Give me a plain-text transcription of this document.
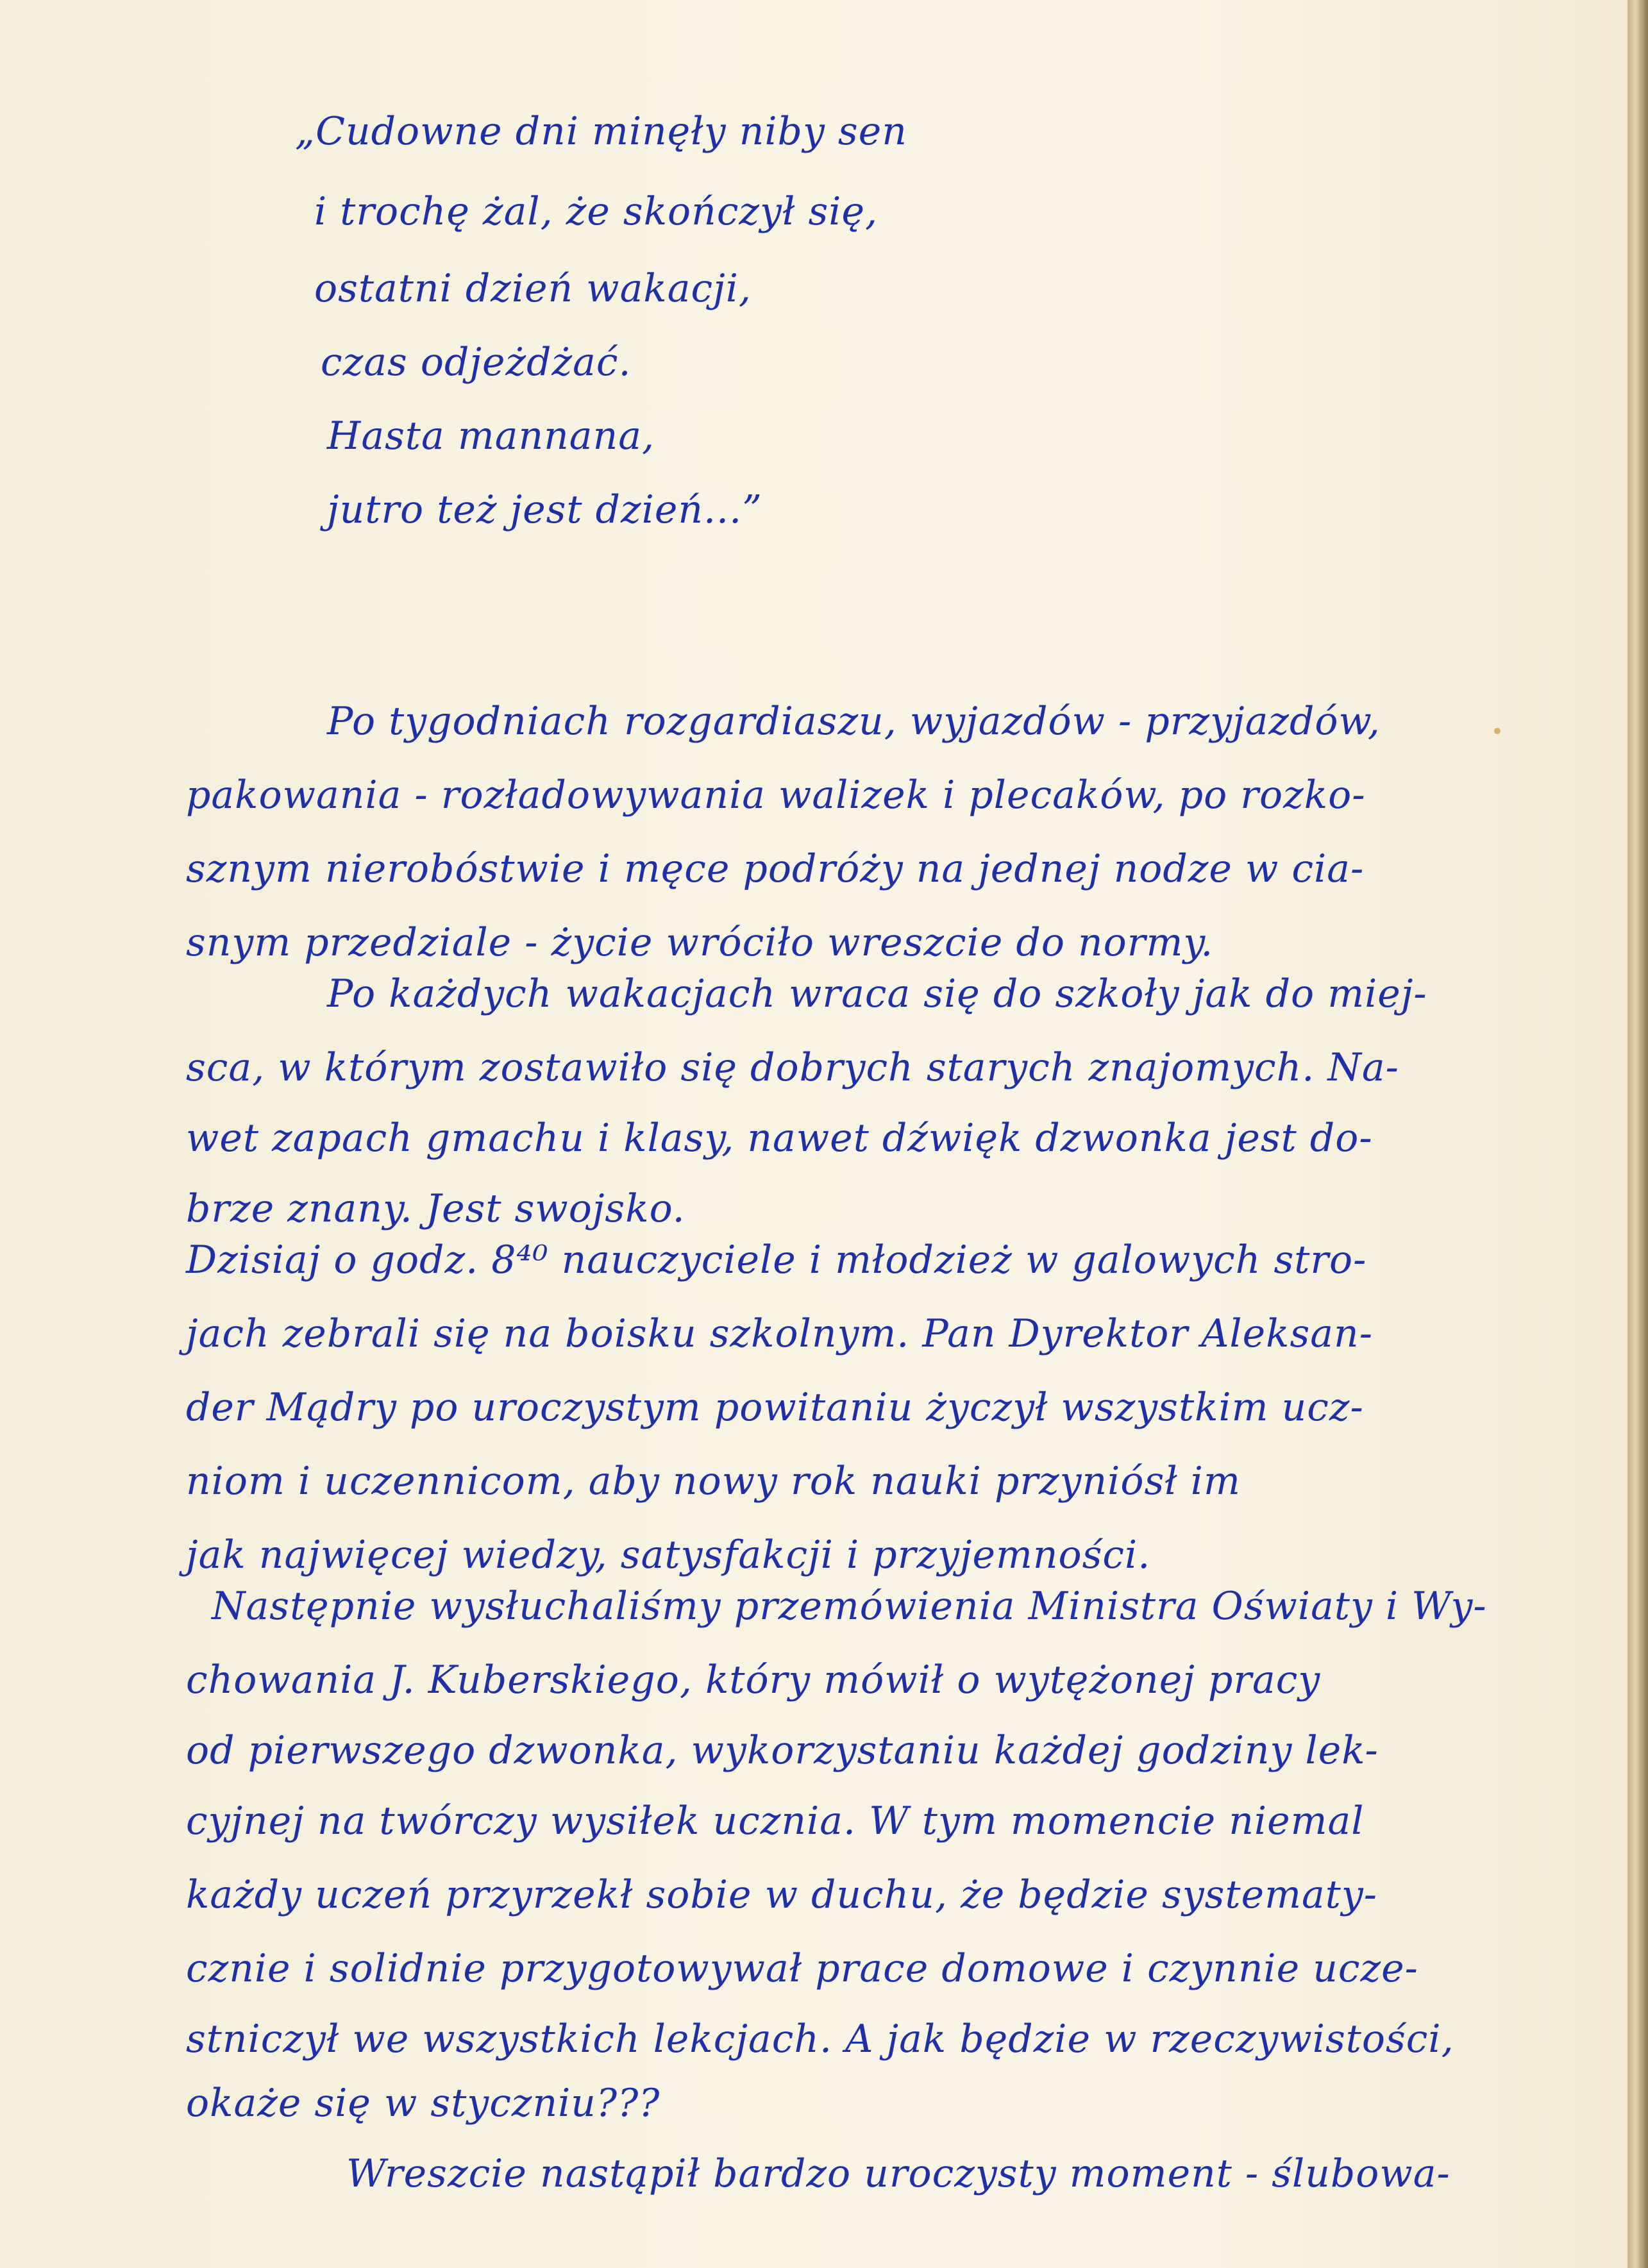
„Cudowne dni minęły niby sen
i trochę żal, że skończył się,
ostatni dzień wakacji,
czas odjeżdżać.
Hasta mannana,
jutro też jest dzień...”
Po tygodniach rozgardiaszu, wyjazdów - przyjazdów,
pakowania - rozładowywania walizek i plecaków, po rozko-
sznym nierobóstwie i męce podróży na jednej nodze w cia-
snym przedziale - życie wróciło wreszcie do normy.
Po każdych wakacjach wraca się do szkoły jak do miej-
sca, w którym zostawiło się dobrych starych znajomych. Na-
wet zapach gmachu i klasy, nawet dźwięk dzwonka jest do-
brze znany. Jest swojsko.
Dzisiaj o godz. 8⁴⁰ nauczyciele i młodzież w galowych stro-
jach zebrali się na boisku szkolnym. Pan Dyrektor Aleksan-
der Mądry po uroczystym powitaniu życzył wszystkim ucz-
niom i uczennicom, aby nowy rok nauki przyniósł im
jak najwięcej wiedzy, satysfakcji i przyjemności.
Następnie wysłuchaliśmy przemówienia Ministra Oświaty i Wy-
chowania J. Kuberskiego, który mówił o wytężonej pracy
od pierwszego dzwonka, wykorzystaniu każdej godziny lek-
cyjnej na twórczy wysiłek ucznia. W tym momencie niemal
każdy uczeń przyrzekł sobie w duchu, że będzie systematy-
cznie i solidnie przygotowywał prace domowe i czynnie ucze-
stniczył we wszystkich lekcjach. A jak będzie w rzeczywistości,
okaże się w styczniu???
Wreszcie nastąpił bardzo uroczysty moment - ślubowa-
